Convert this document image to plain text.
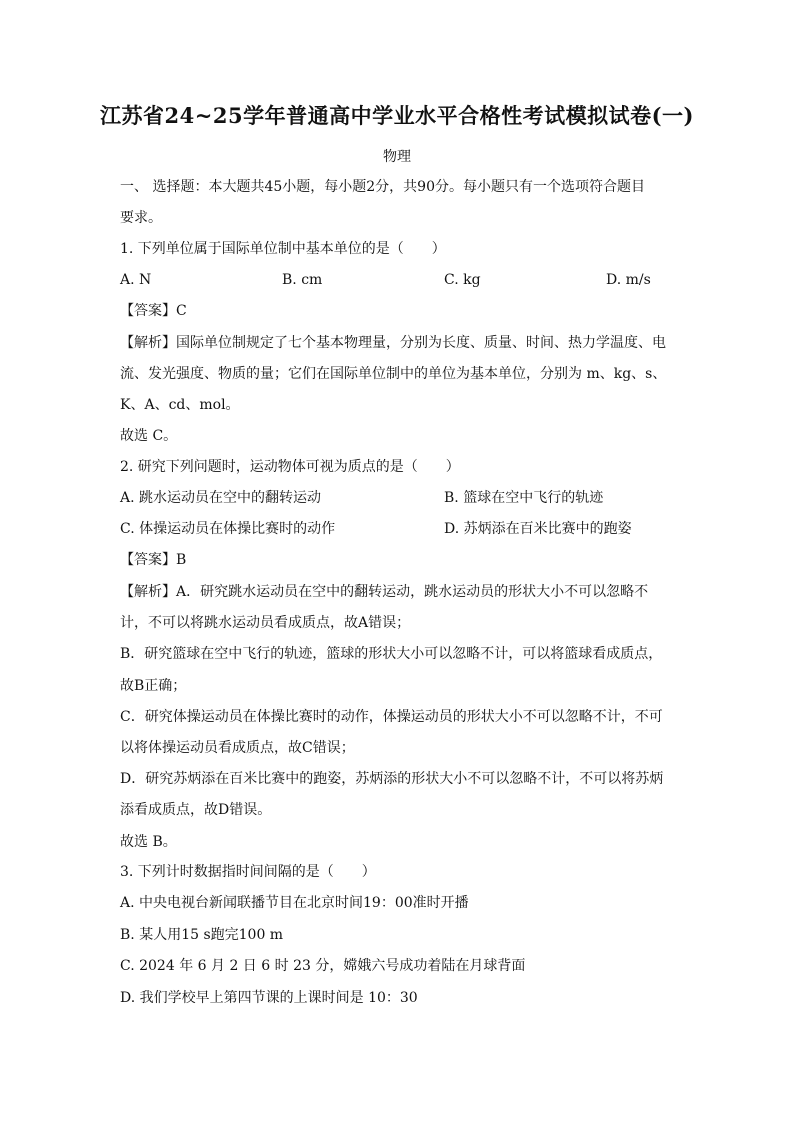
江苏省24~25学年普通高中学业水平合格性考试模拟试卷(一)
物理
一、 选择题：本大题共45小题，每小题2分，共90分。每小题只有一个选项符合题目
要求。
1. 下列单位属于国际单位制中基本单位的是（　　）
A. N	B. cm	C. kg	D. m/s
【答案】C
【解析】国际单位制规定了七个基本物理量，分别为长度、质量、时间、热力学温度、电
流、发光强度、物质的量；它们在国际单位制中的单位为基本单位，分别为 m、kg、s、
K、A、cd、mol。
故选 C。
2. 研究下列问题时，运动物体可视为质点的是（　　）
A. 跳水运动员在空中的翻转运动	B. 篮球在空中飞行的轨迹
C. 体操运动员在体操比赛时的动作	D. 苏炳添在百米比赛中的跑姿
【答案】B
【解析】A．研究跳水运动员在空中的翻转运动，跳水运动员的形状大小不可以忽略不
计，不可以将跳水运动员看成质点，故A错误；
B．研究篮球在空中飞行的轨迹，篮球的形状大小可以忽略不计，可以将篮球看成质点，
故B正确；
C．研究体操运动员在体操比赛时的动作，体操运动员的形状大小不可以忽略不计，不可
以将体操运动员看成质点，故C错误；
D．研究苏炳添在百米比赛中的跑姿，苏炳添的形状大小不可以忽略不计，不可以将苏炳
添看成质点，故D错误。
故选 B。
3. 下列计时数据指时间间隔的是（　　）
A. 中央电视台新闻联播节目在北京时间19：00准时开播
B. 某人用15 s跑完100 m
C. 2024 年 6 月 2 日 6 时 23 分，嫦娥六号成功着陆在月球背面
D. 我们学校早上第四节课的上课时间是 10：30
